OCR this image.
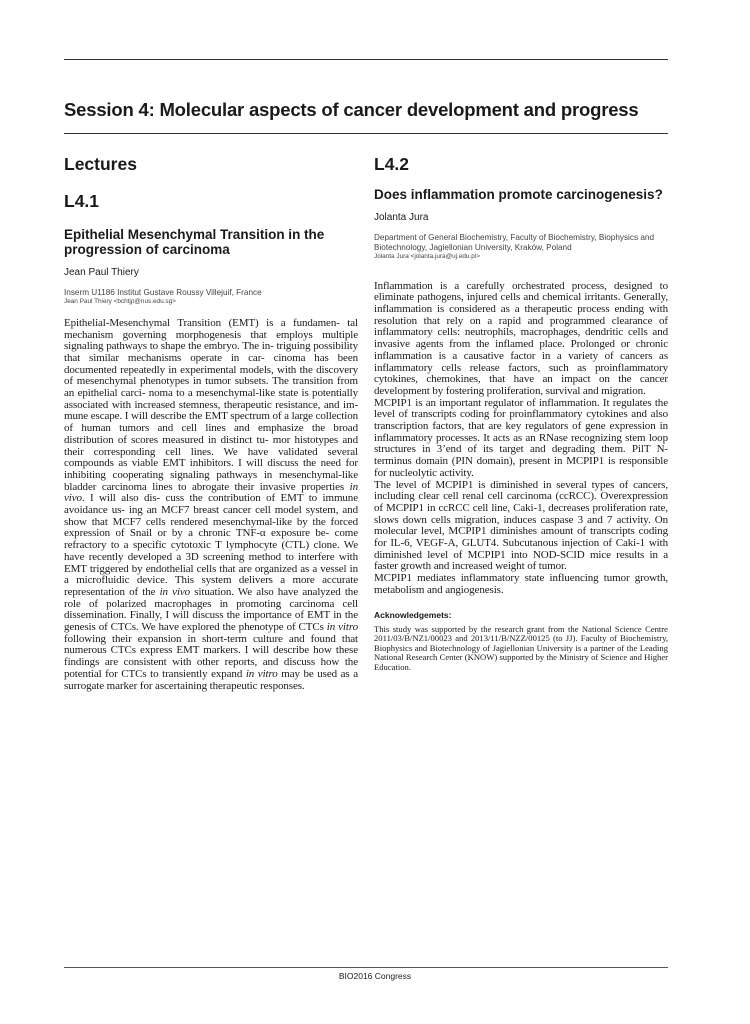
Session 4: Molecular aspects of cancer development and progress
Lectures
L4.1
Epithelial Mesenchymal Transition in the progression of carcinoma

Jean Paul Thiery

Inserm U1186 Institut Gustave Roussy Villejuif, France

Jean Paul Thiery <bchtjp@nus.edu.sg>

Epithelial-Mesenchymal Transition (EMT) is a fundamen- tal mechanism governing morphogenesis that employs multiple signaling pathways to shape the embryo. The in- triguing possibility that similar mechanisms operate in car- cinoma has been documented repeatedly in experimental models, with the discovery of mesenchymal phenotypes in tumor subsets. The transition from an epithelial carci- noma to a mesenchymal-like state is potentially associated with increased stemness, therapeutic resistance, and im- mune escape. I will describe the EMT spectrum of a large collection of human tumors and cell lines and emphasize the broad distribution of scores measured in distinct tu- mor histotypes and their corresponding cell lines. We have validated several compounds as viable EMT inhibitors. I will discuss the need for inhibiting cooperating signaling pathways in mesenchymal-like bladder carcinoma lines to abrogate their invasive properties in vivo. I will also dis- cuss the contribution of EMT to immune avoidance us- ing an MCF7 breast cancer cell model system, and show that MCF7 cells rendered mesenchymal-like by the forced expression of Snail or by a chronic TNF-α exposure be- come refractory to a specific cytotoxic T lymphocyte (CTL) clone. We have recently developed a 3D screening method to interfere with EMT triggered by endothelial cells that are organized as a vessel in a microfluidic device. This system delivers a more accurate representation of the in vivo situation. We also have analyzed the role of polarized macrophages in promoting carcinoma cell dissemination. Finally, I will discuss the importance of EMT in the genesis of CTCs. We have explored the phenotype of CTCs in vitro following their expansion in short-term culture and found that numerous CTCs express EMT markers. I will describe how these findings are consistent with other reports, and discuss how the potential for CTCs to transiently expand in vitro may be used as a surrogate marker for ascertaining therapeutic responses.
L4.2
Does inflammation promote carcinogenesis?

Jolanta Jura

Department of General Biochemistry, Faculty of Biochemistry, Biophysics and Biotechnology, Jagiellonian University, Kraków, Poland

Jolanta Jura <jolanta.jura@uj.edu.pl>

Inflammation is a carefully orchestrated process, designed to eliminate pathogens, injured cells and chemical irritants. Generally, inflammation is considered as a therapeutic process ending with resolution that rely on a rapid and programmed clearance of inflammatory cells: neutrophils, macrophages, dendritic cells and invasive agents from the inflamed place. Prolonged or chronic inflammation is a causative factor in a variety of cancers as inflammatory cells release factors, such as proinflammatory cytokines, chemokines, that have an impact on the cancer development by fostering proliferation, survival and migration.

MCPIP1 is an important regulator of inflammation. It regulates the level of transcripts coding for proinflammatory cytokines and also transcription factors, that are key regulators of gene expression in inflammatory processes. It acts as an RNase recognizing stem loop structures in 3’end of its target and degrading them. PilT N-terminus domain (PIN domain), present in MCPIP1 is responsible for nucleolytic activity.

The level of MCPIP1 is diminished in several types of cancers, including clear cell renal cell carcinoma (ccRCC). Overexpression of MCPIP1 in ccRCC cell line, Caki-1, decreases proliferation rate, slows down cells migration, induces caspase 3 and 7 activity. On molecular level, MCPIP1 diminishes amount of transcripts coding for IL-6, VEGF-A, GLUT4. Subcutanous injection of Caki-1 with diminished level of MCPIP1 into NOD-SCID mice results in a faster growth and increased weight of tumor.

MCPIP1 mediates inflammatory state influencing tumor growth, metabolism and angiogenesis.

Acknowledgemets:

This study was supported by the research grant from the National Science Centre 2011/03/B/NZ1/00023 and 2013/11/B/NZZ/00125 (to JJ). Faculty of Biochemistry, Biophysics and Biotechnology of Jagiellonian University is a partner of the Leading National Research Center (KNOW) supported by the Ministry of Science and Higher Education.

BIO2016 Congress
